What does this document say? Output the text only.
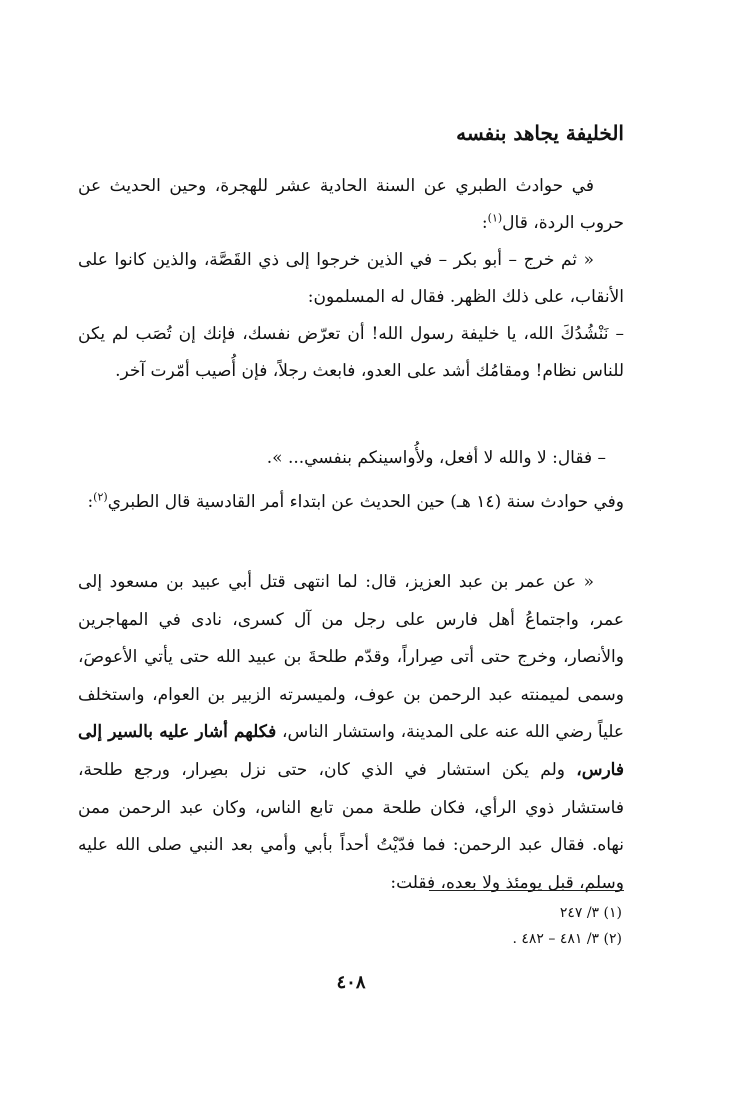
الخليفة يجاهد بنفسه

في حوادث الطبري عن السنة الحادية عشر للهجرة، وحين الحديث عن حروب الردة، قال$^{(١)}$:

« ثم خرج – أبو بكر – في الذين خرجوا إلى ذي القَصَّة، والذين كانوا على الأنقاب، على ذلك الظهر. فقال له المسلمون:

– نَنْشُدُكَ الله، يا خليفة رسول الله! أن تعرّض نفسك، فإنك إن تُصَب لم يكن للناس نظام! ومقامُك أشد على العدو، فابعث رجلاً، فإن أُصيب أمّرت آخر.

– فقال: لا والله لا أفعل، ولأُواسينكم بنفسي... ».

وفي حوادث سنة (١٤ هـ) حين الحديث عن ابتداء أمر القادسية قال الطبري$^{(٢)}$:

« عن عمر بن عبد العزيز، قال: لما انتهى قتل أبي عبيد بن مسعود إلى عمر، واجتماعُ أهل فارس على رجل من آل كسرى، نادى في المهاجرين والأنصار، وخرج حتى أتى صِراراً، وقدّم طلحةَ بن عبيد الله حتى يأتي الأعوصَ، وسمى لميمنته عبد الرحمن بن عوف، ولميسرته الزبير بن العوام، واستخلف علياً رضي الله عنه على المدينة، واستشار الناس، فكلهم أشار عليه بالسير إلى فارس، ولم يكن استشار في الذي كان، حتى نزل بصِرار، ورجع طلحة، فاستشار ذوي الرأي، فكان طلحة ممن تابع الناس، وكان عبد الرحمن ممن نهاه. فقال عبد الرحمن: فما فدّيْتُ أحداً بأبي وأمي بعد النبي صلى الله عليه وسلم، قبل يومئذ ولا بعده، فقلت:

(١) ٣/ ٢٤٧
(٢) ٣/ ٤٨١ – ٤٨٢ .
٤٠٨
